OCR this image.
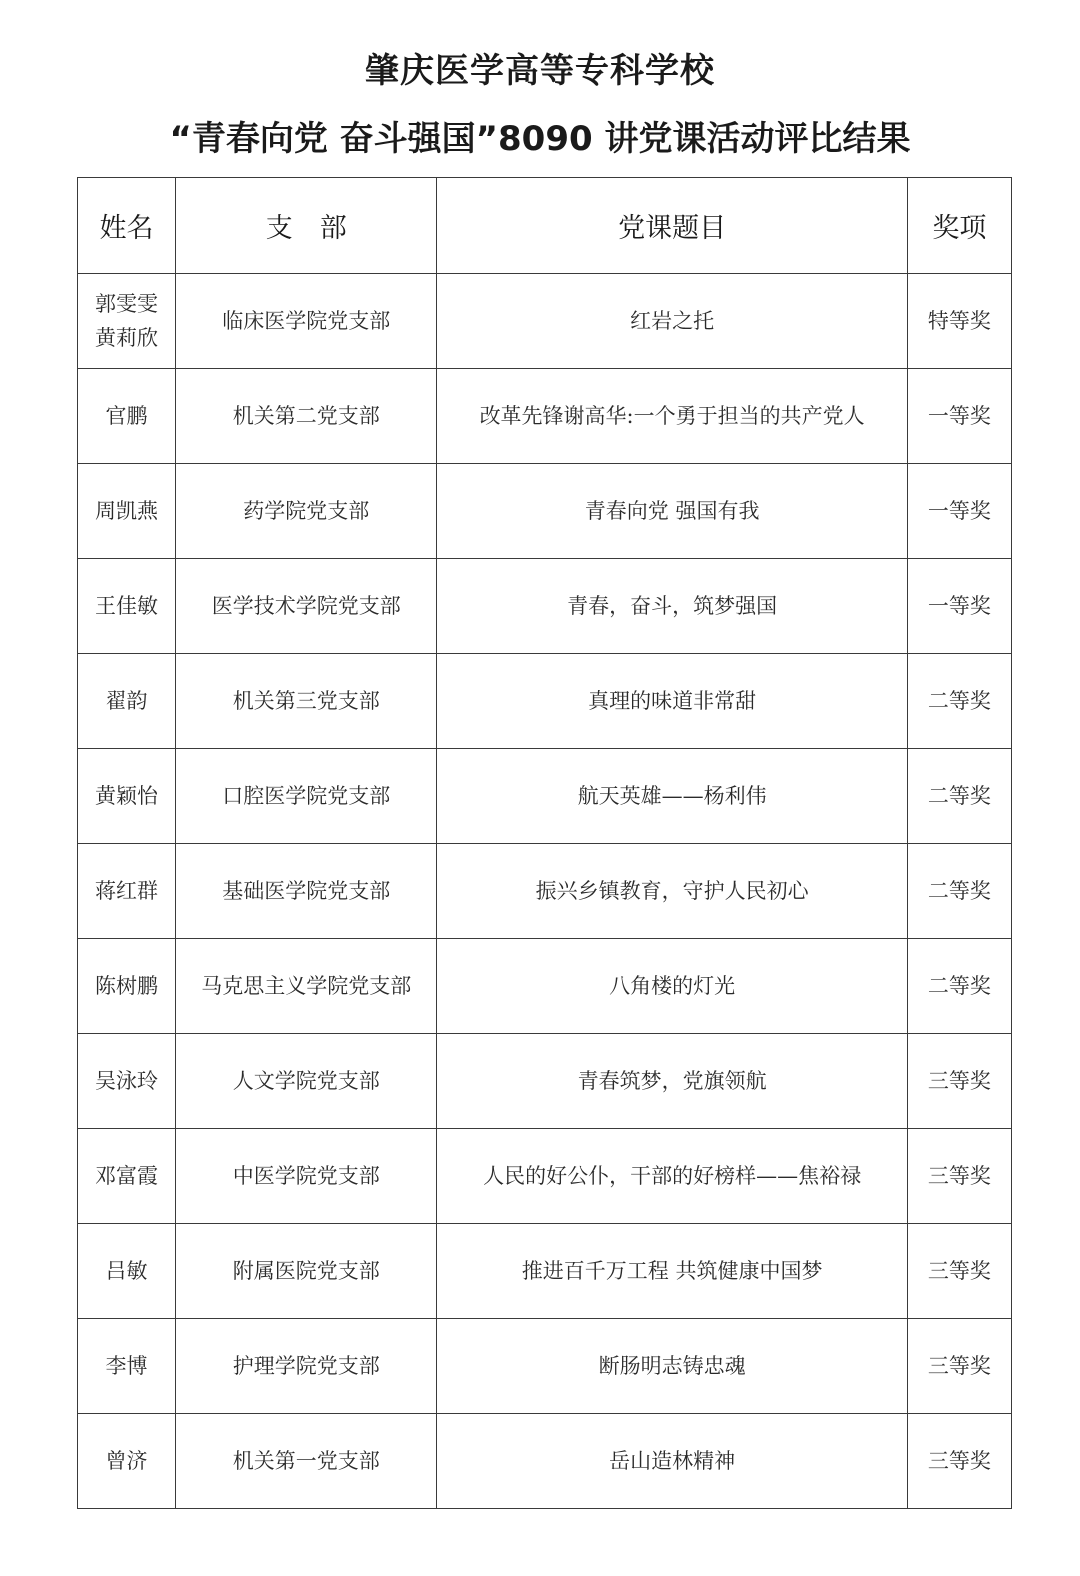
肇庆医学高等专科学校
“青春向党 奋斗强国”8090 讲党课活动评比结果
姓名	支　部	党课题目	奖项

郭雯雯
黄莉欣	临床医学院党支部	红岩之托	特等奖
官鹏	机关第二党支部	改革先锋谢高华:一个勇于担当的共产党人	一等奖
周凯燕	药学院党支部	青春向党 强国有我	一等奖
王佳敏	医学技术学院党支部	青春，奋斗，筑梦强国	一等奖
翟韵	机关第三党支部	真理的味道非常甜	二等奖
黄颖怡	口腔医学院党支部	航天英雄——杨利伟	二等奖
蒋红群	基础医学院党支部	振兴乡镇教育，守护人民初心	二等奖
陈树鹏	马克思主义学院党支部	八角楼的灯光	二等奖
吴泳玲	人文学院党支部	青春筑梦，党旗领航	三等奖
邓富霞	中医学院党支部	人民的好公仆，干部的好榜样——焦裕禄	三等奖
吕敏	附属医院党支部	推进百千万工程 共筑健康中国梦	三等奖
李博	护理学院党支部	断肠明志铸忠魂	三等奖
曾济	机关第一党支部	岳山造林精神	三等奖
